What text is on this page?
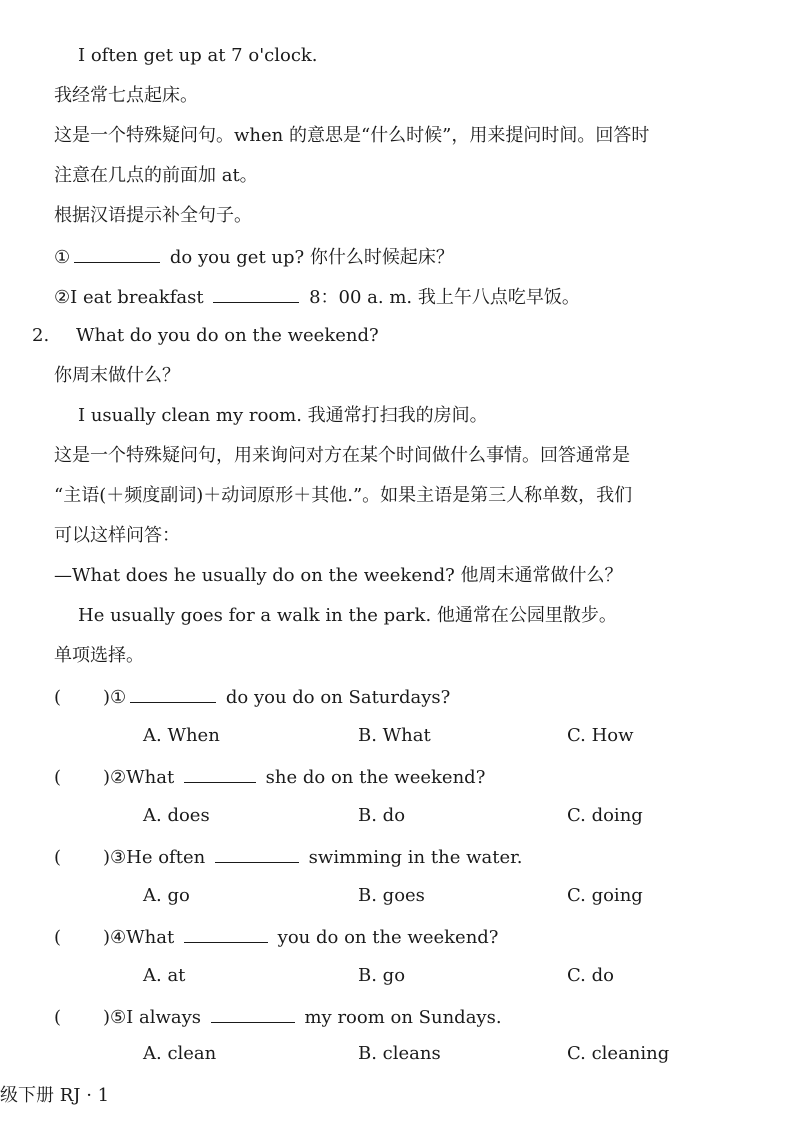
I often get up at 7 o'clock.
我经常七点起床。
这是一个特殊疑问句。when 的意思是“什么时候”，用来提问时间。回答时
注意在几点的前面加 at。
根据汉语提示补全句子。
①	do you get up? 你什么时候起床？
②I eat breakfast	8：00 a. m. 我上午八点吃早饭。
2. What do you do on the weekend?
你周末做什么？
I usually clean my room. 我通常打扫我的房间。
这是一个特殊疑问句，用来询问对方在某个时间做什么事情。回答通常是
“主语(＋频度副词)＋动词原形＋其他.”。如果主语是第三人称单数，我们
可以这样问答：
—What does he usually do on the weekend? 他周末通常做什么？
He usually goes for a walk in the park. 他通常在公园里散步。
单项选择。
( )①	do you do on Saturdays?
A. When	B. What	C. How
( )②What	she do on the weekend?
A. does	B. do	C. doing
( )③He often	swimming in the water.
A. go	B. goes	C. going
( )④What	you do on the weekend?
A. at	B. go	C. do
( )⑤I always	my room on Sundays.
A. clean	B. cleans	C. cleaning
级下册 RJ · 1
